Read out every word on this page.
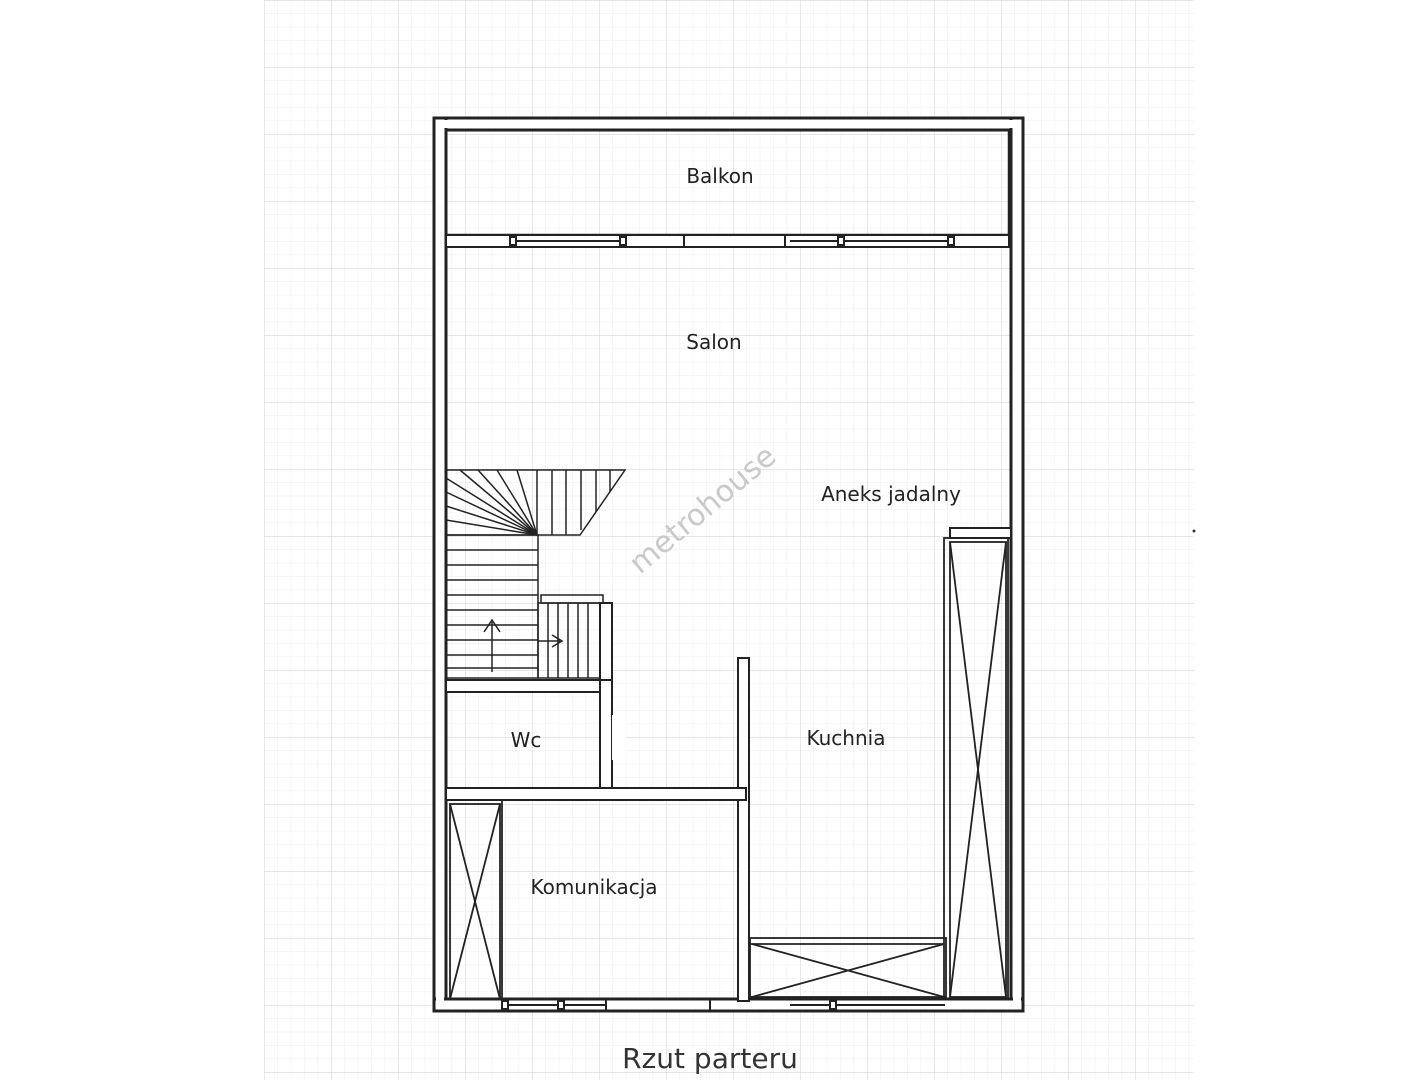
metrohouse
Balkon
Salon
Aneks jadalny
Wc	Kuchnia
Komunikacja
Rzut parteru
